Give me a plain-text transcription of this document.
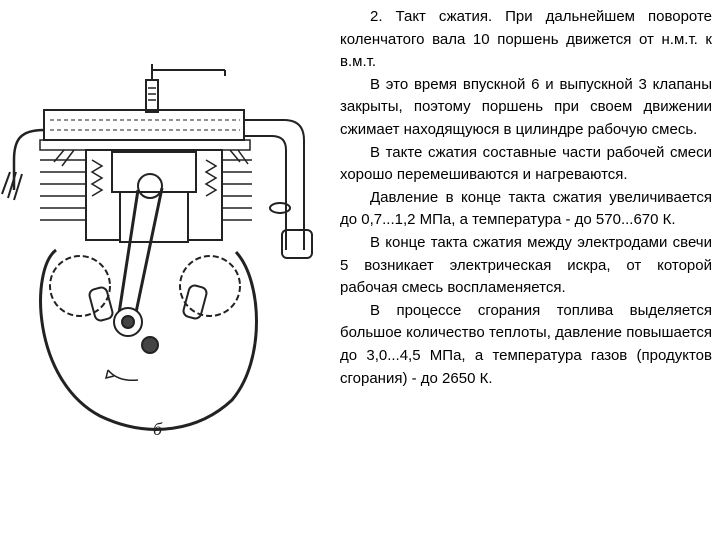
б

2. Такт сжатия. При дальнейшем повороте коленчатого вала 10 поршень движется от н.м.т. к в.м.т.

В это время впускной 6 и выпускной 3 клапаны закрыты, поэтому поршень при своем движении сжимает находящуюся в цилиндре рабочую смесь.

В такте сжатия составные части рабочей смеси хорошо перемешиваются и нагреваются.

Давление в конце такта сжатия увеличивается до 0,7...1,2 МПа, а температура - до 570...670 К.

В конце такта сжатия между электродами свечи 5 возникает электрическая искра, от которой рабочая смесь воспламеняется.

В процессе сгорания топлива выделяется большое количество теплоты, давление повышается до 3,0...4,5 МПа, а температура газов (продуктов сгорания) - до 2650 К.
